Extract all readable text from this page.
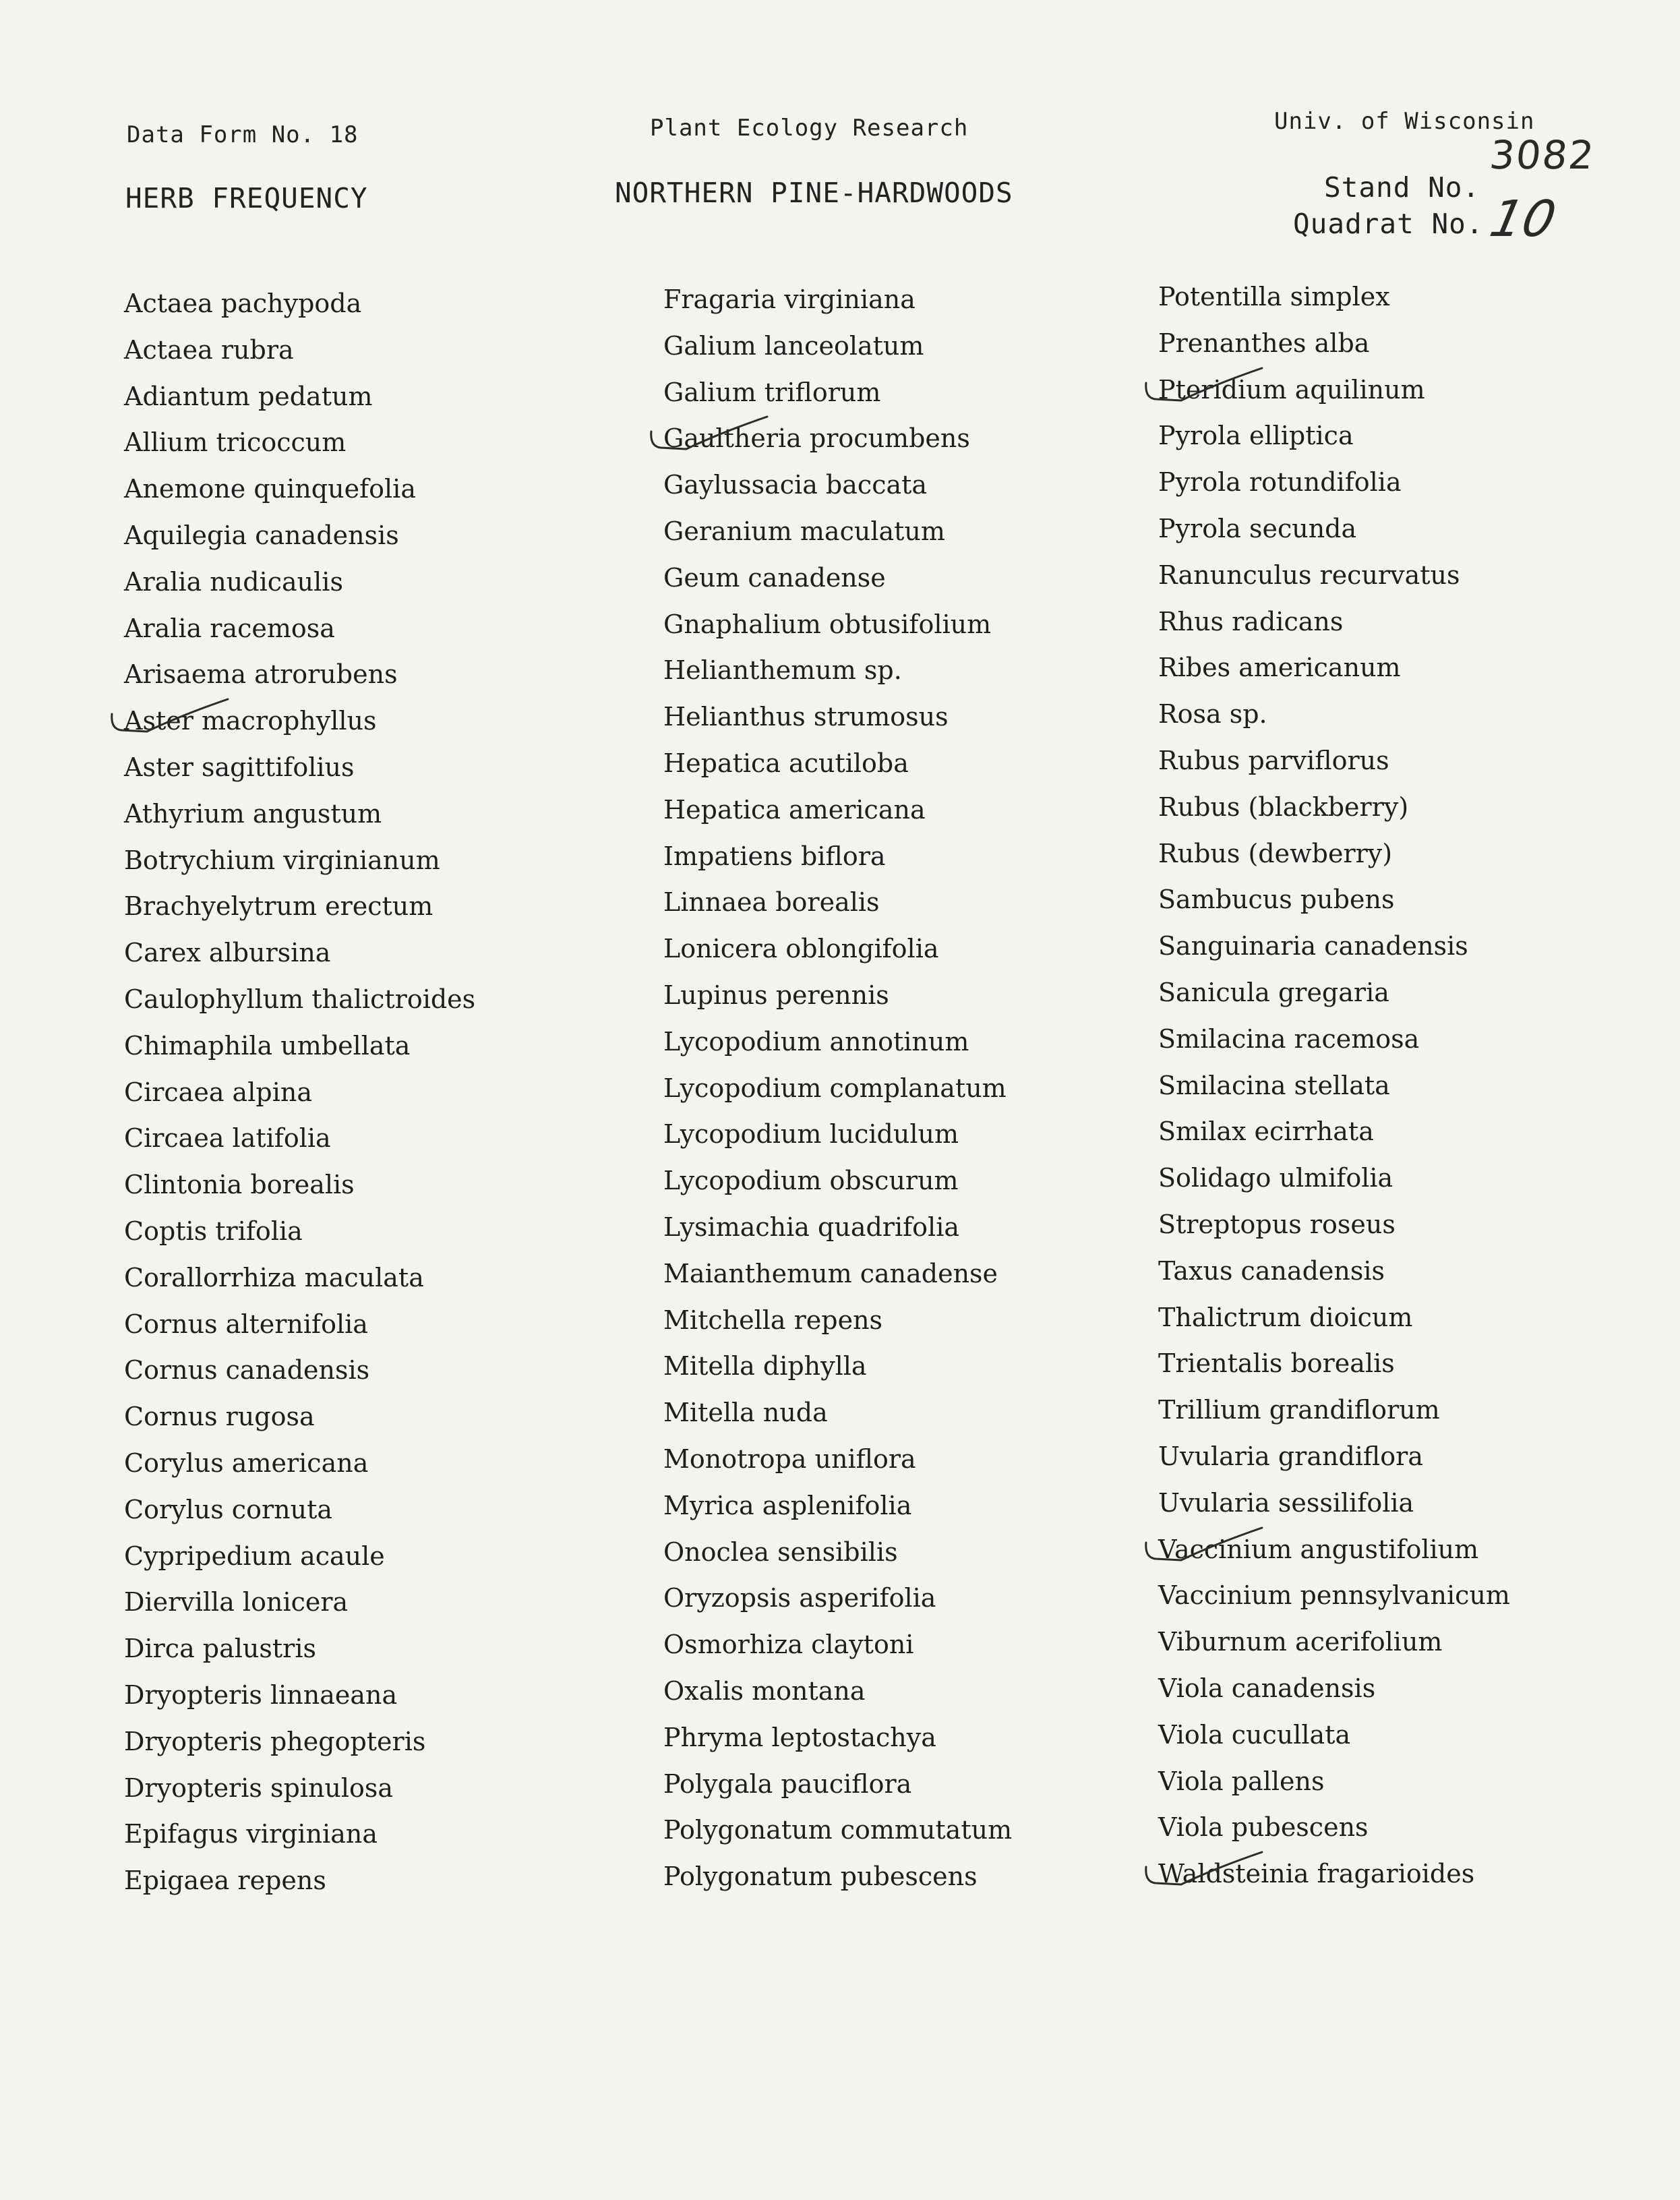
Data Form No. 18	Plant Ecology Research	Univ. of Wisconsin
HERB FREQUENCY	NORTHERN PINE-HARDWOODS	Stand No.
3082
Quadrat No. 10
Actaea pachypoda
Actaea rubra
Adiantum pedatum
Allium tricoccum
Anemone quinquefolia
Aquilegia canadensis
Aralia nudicaulis
Aralia racemosa
Arisaema atrorubens
Aster macrophyllus
Aster sagittifolius
Athyrium angustum
Botrychium virginianum
Brachyelytrum erectum
Carex albursina
Caulophyllum thalictroides
Chimaphila umbellata
Circaea alpina
Circaea latifolia
Clintonia borealis
Coptis trifolia
Corallorrhiza maculata
Cornus alternifolia
Cornus canadensis
Cornus rugosa
Corylus americana
Corylus cornuta
Cypripedium acaule
Diervilla lonicera
Dirca palustris
Dryopteris linnaeana
Dryopteris phegopteris
Dryopteris spinulosa
Epifagus virginiana
Epigaea repens
Fragaria virginiana
Galium lanceolatum
Galium triflorum
Gaultheria procumbens
Gaylussacia baccata
Geranium maculatum
Geum canadense
Gnaphalium obtusifolium
Helianthemum sp.
Helianthus strumosus
Hepatica acutiloba
Hepatica americana
Impatiens biflora
Linnaea borealis
Lonicera oblongifolia
Lupinus perennis
Lycopodium annotinum
Lycopodium complanatum
Lycopodium lucidulum
Lycopodium obscurum
Lysimachia quadrifolia
Maianthemum canadense
Mitchella repens
Mitella diphylla
Mitella nuda
Monotropa uniflora
Myrica asplenifolia
Onoclea sensibilis
Oryzopsis asperifolia
Osmorhiza claytoni
Oxalis montana
Phryma leptostachya
Polygala pauciflora
Polygonatum commutatum
Polygonatum pubescens
Potentilla simplex
Prenanthes alba
Pteridium aquilinum
Pyrola elliptica
Pyrola rotundifolia
Pyrola secunda
Ranunculus recurvatus
Rhus radicans
Ribes americanum
Rosa sp.
Rubus parviflorus
Rubus (blackberry)
Rubus (dewberry)
Sambucus pubens
Sanguinaria canadensis
Sanicula gregaria
Smilacina racemosa
Smilacina stellata
Smilax ecirrhata
Solidago ulmifolia
Streptopus roseus
Taxus canadensis
Thalictrum dioicum
Trientalis borealis
Trillium grandiflorum
Uvularia grandiflora
Uvularia sessilifolia
Vaccinium angustifolium
Vaccinium pennsylvanicum
Viburnum acerifolium
Viola canadensis
Viola cucullata
Viola pallens
Viola pubescens
Waldsteinia fragarioides
